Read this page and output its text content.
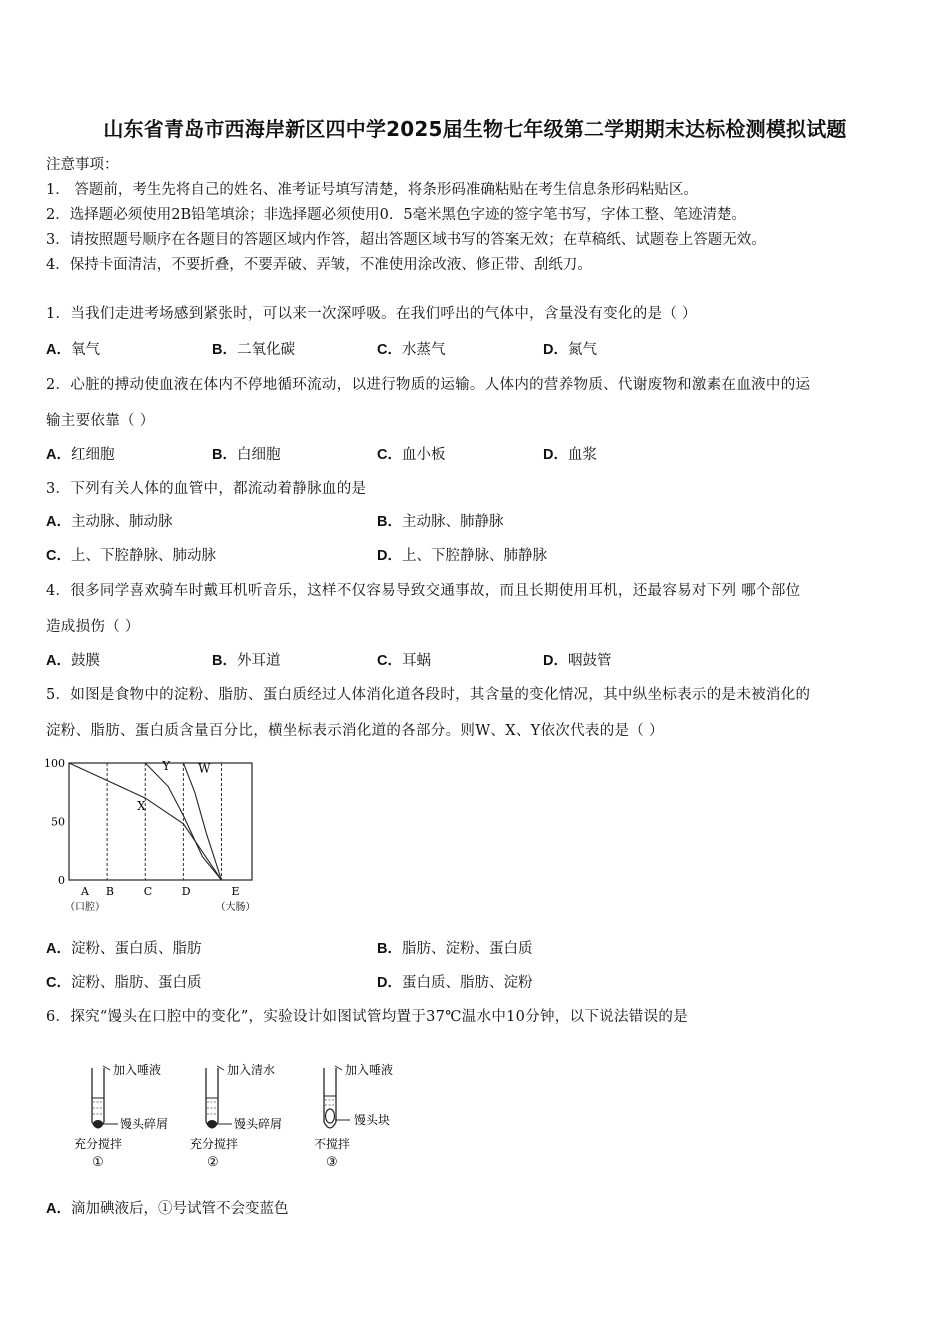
山东省青岛市西海岸新区四中学2025届生物七年级第二学期期末达标检测模拟试题
注意事项：
1． 答题前，考生先将自己的姓名、准考证号填写清楚，将条形码准确粘贴在考生信息条形码粘贴区。
2．选择题必须使用2B铅笔填涂；非选择题必须使用0．5毫米黑色字迹的签字笔书写，字体工整、笔迹清楚。
3．请按照题号顺序在各题目的答题区域内作答，超出答题区域书写的答案无效；在草稿纸、试题卷上答题无效。
4．保持卡面清洁，不要折叠，不要弄破、弄皱，不准使用涂改液、修正带、刮纸刀。
1．当我们走进考场感到紧张时，可以来一次深呼吸。在我们呼出的气体中，含量没有变化的是（ ）
A．氧气	B．二氧化碳	C．水蒸气	D．氮气
2．心脏的搏动使血液在体内不停地循环流动，以进行物质的运输。人体内的营养物质、代谢废物和激素在血液中的运
输主要依靠（ ）
A．红细胞	B．白细胞	C．血小板	D．血浆
3．下列有关人体的血管中，都流动着静脉血的是
A．主动脉、肺动脉	B．主动脉、肺静脉
C．上、下腔静脉、肺动脉	D．上、下腔静脉、肺静脉
4．很多同学喜欢骑车时戴耳机听音乐，这样不仅容易导致交通事故，而且长期使用耳机，还最容易对下列 哪个部位
造成损伤（ ）
A．鼓膜	B．外耳道	C．耳蜗	D．咽鼓管
5．如图是食物中的淀粉、脂肪、蛋白质经过人体消化道各段时，其含量的变化情况，其中纵坐标表示的是未被消化的
淀粉、脂肪、蛋白质含量百分比，横坐标表示消化道的各部分。则W、X、Y依次代表的是（ ）
100
50
0
A
（口腔）
B	C	D	E
（大肠）
X
Y W
A．淀粉、蛋白质、脂肪	B．脂肪、淀粉、蛋白质
C．淀粉、脂肪、蛋白质	D．蛋白质、脂肪、淀粉
6．探究“馒头在口腔中的变化”，实验设计如图试管均置于37℃温水中10分钟，以下说法错误的是
加入唾液
馒头碎屑
充分搅拌
①
加入清水
馒头碎屑
充分搅拌
②
加入唾液
馒头块
不搅拌
③
A．滴加碘液后，①号试管不会变蓝色
